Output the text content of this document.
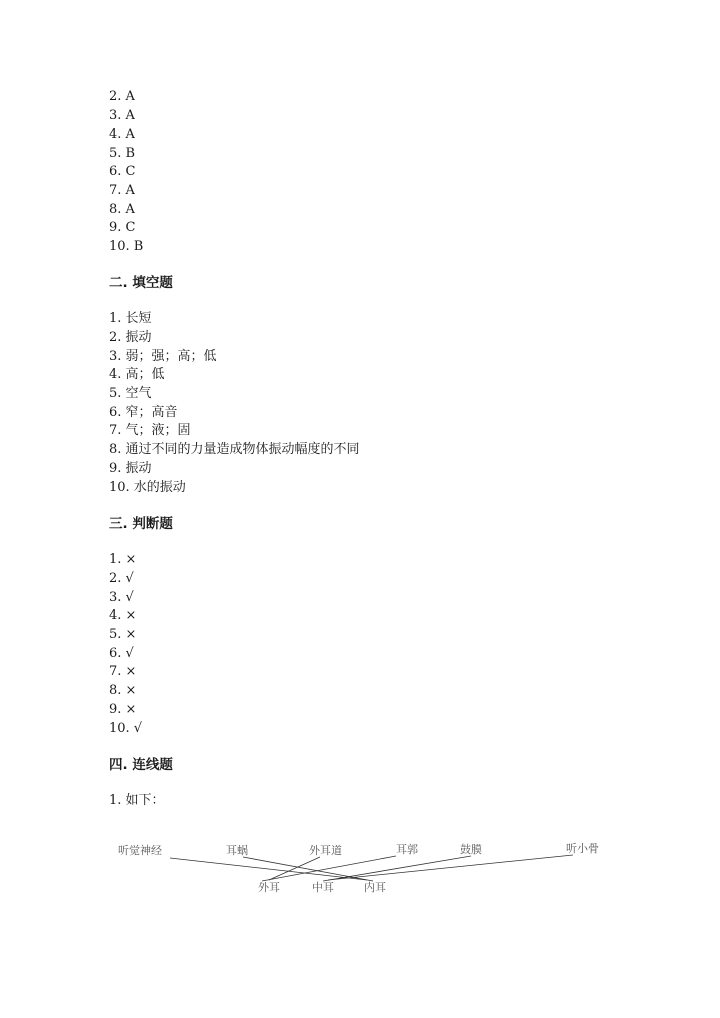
2. A
3. A
4. A
5. B
6. C
7. A
8. A
9. C
10. B
二. 填空题
1. 长短
2. 振动
3. 弱；强；高；低
4. 高；低
5. 空气
6. 窄；高音
7. 气；液；固
8. 通过不同的力量造成物体振动幅度的不同
9. 振动
10. 水的振动
三. 判断题
1. ×
2. √
3. √
4. ×
5. ×
6. √
7. ×
8. ×
9. ×
10. √
四. 连线题
1. 如下：
听觉神经	耳蜗	外耳道	耳郭	鼓膜	听小骨
外耳	中耳	内耳
